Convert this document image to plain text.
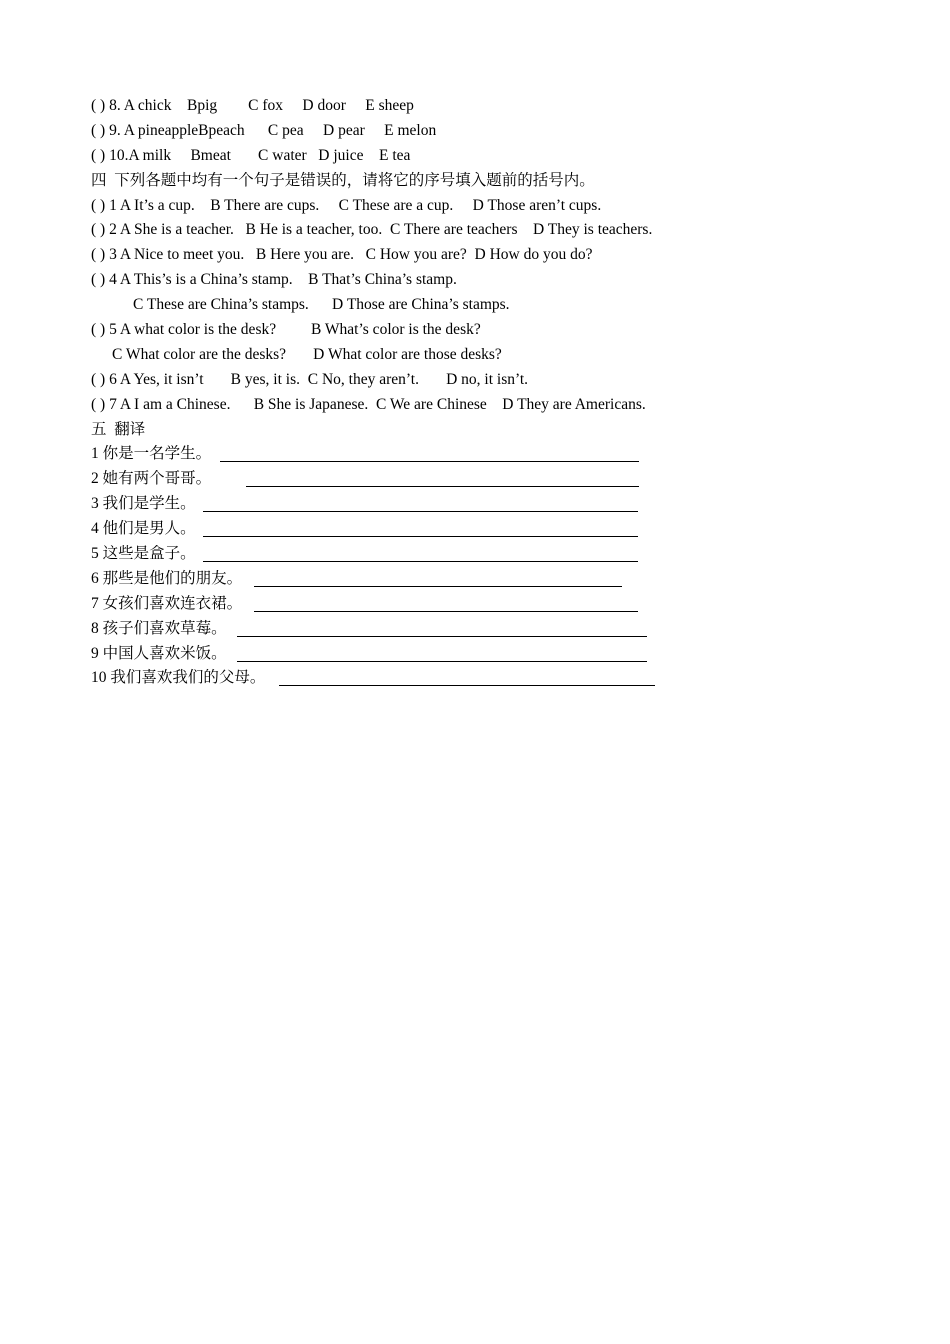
( ) 8. A chick    Bpig        C fox     D door     E sheep
( ) 9. A pineappleBpeach      C pea     D pear     E melon
( ) 10.A milk     Bmeat       C water   D juice    E tea
四  下列各题中均有一个句子是错误的，请将它的序号填入题前的括号内。
( ) 1 A It’s a cup.    B There are cups.     C These are a cup.     D Those aren’t cups.
( ) 2 A She is a teacher.   B He is a teacher, too.  C There are teachers    D They is teachers.
( ) 3 A Nice to meet you.   B Here you are.   C How you are?  D How do you do?
( ) 4 A This’s is a China’s stamp.    B That’s China’s stamp.
C These are China’s stamps.      D Those are China’s stamps.
( ) 5 A what color is the desk?         B What’s color is the desk?
C What color are the desks?       D What color are those desks?
( ) 6 A Yes, it isn’t       B yes, it is.  C No, they aren’t.       D no, it isn’t.
( ) 7 A I am a Chinese.      B She is Japanese.  C We are Chinese    D They are Americans.
五  翻译
1 你是一名学生。
2 她有两个哥哥。
3 我们是学生。
4 他们是男人。
5 这些是盒子。
6 那些是他们的朋友。
7 女孩们喜欢连衣裙。
8 孩子们喜欢草莓。
9 中国人喜欢米饭。
10 我们喜欢我们的父母。
